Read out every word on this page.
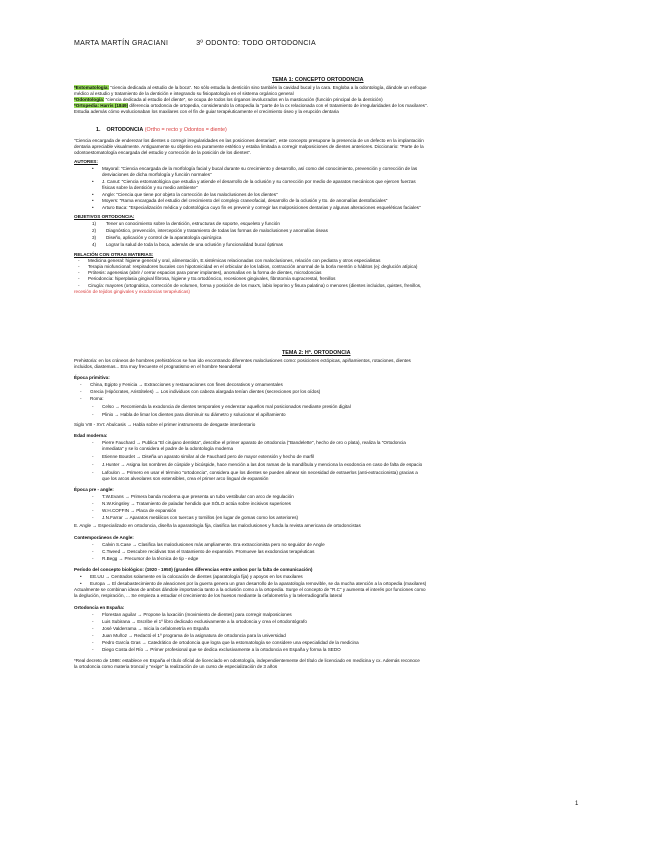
MARTA MARTÍN GRACIANI	3º ODONTO: TODO ORTODONCIA
TEMA 1: CONCEPTO ORTODONCIA
*Estomatología: "ciencia dedicada al estudio de la boca". No sólo estudia la dentición sino también la cavidad bucal y la cara. Engloba a la odontología, dándole un enfoque
médico al estudio y tratamiento de la dentición e integrando su fisiopatología en el sistema orgánico general
*Odontología: "ciencia dedicada al estudio del diente", se ocupa de todos los órganos involucrados en la masticación (función principal de la dentición)
*Ortopedia: Harris (1849) diferencia ortodoncia de ortopedia, considerando la ortopedia la "parte de la cx relacionada con el tratamiento de irregularidades de los maxilares".
Estudia además cómo evolucionaban los maxilares con el fin de guiar terapéuticamente el crecimiento óseo y la erupción dentaria
1. ORTODONCIA (Ortho = recto y Odontos = diente)
"Ciencia encargada de enderezar los dientes o corregir irregularidades en las posiciones dentarias", este concepto presupone la presencia de un defecto en la implantación
dentaria apreciable visualmente. Antiguamente su objetivo era puramente estético y estaba limitada a corregir malposiciones de dientes anteriores. Diccionario: "Parte de la
odontoestomatología encargada del estudio y corrección de la posición de los dientes".
AUTORES:
• Mayoral: "Ciencia encargada de la morfología facial y bucal durante su crecimiento y desarrollo, así como del conocimiento, prevención y corrección de las
desviaciones de dicha morfología y función normales"
• J. Canut: "Ciencia estomatológica que estudia y atiende el desarrollo de la oclusión y su corrección por medio de aparatos mecánicos que ejercen fuerzas
físicas sobre la dentición y su medio ambiente"
• Angle: "Ciencia que tiene por objeto la corrección de las maloclusiones de los dientes"
• Moyers: "Rama encargada del estudio del crecimiento del complejo craneofacial, desarrollo de la oclusión y tto. de anomalías dentofaciales"
• Arturo Baca: "Especialización médica y odontológica cuyo fin es prevenir y corregir las malposiciones dentarias y algunas alteraciones esqueléticas faciales"
OBJETIVOS ORTODONCIA:
1) Tener un conocimiento sobre la dentición, estructuras de soporte, esqueleto y función
2) Diagnóstico, prevención, intercepción y tratamiento de todas las formas de maloclusiones y anomalías óseas
3) Diseño, aplicación y control de la aparatología quirúrgica
4) Lograr la salud de toda la boca, además de una oclusión y funcionalidad bucal óptimas
RELACIÓN CON OTRAS MATERIAS:
- Medicina general: higiene general y oral, alimentación, E.sistémicas relacionadas con maloclusiones, relación con pediatra y otros especialistas
- Terapia miofuncional: respiradores bucales con hipotonicidad en el orbicular de los labios, contracción anormal de la borla mentón o hábitos (ej: deglución atípica)
- Prótesis: agenesias (abrir / cerrar espacios para poner implantes), anomalías en la forma de dientes, microdoncias
- Periodoncia: hiperplasia gingival fibrosa, higiene y tto.ortodóncico, recesiones gingivales, fibrotomía supracrestal, frenillos
- Cirugía: mayores (ortognática, corrección de volumen, forma y posición de los max's, labio leporino y fisura palatina) o menores (dientes incluidos, quistes, frenillos,
recesión de tejidos gingivales y exodoncias terapéuticas)
TEMA 2: Hª. ORTODONCIA
Prehistoria: en los cráneos de hombres prehistóricos se han ido encontrando diferentes maloclusiones como: posiciones ectópicas, apiñamientos, rotaciones, dientes
incluidos, diastemas... Era muy frecuente el prognatismo en el hombre Neandertal
Época primitiva:
- China, Egipto y Fenicia → Extracciones y restauraciones con fines decorativos y ornamentales
- Grecia (Hipócrates, Aristóteles) → Los individuos con cabeza alargada tenían dientes (secreciones por los oídos)
- Roma:
- Celso → Recomienda la exodoncia de dientes temporales y enderezar aquellos mal posicionados mediante presión digital
- Plinio → Habla de limar los dientes para disminuir su diámetro y solucionar el apiñamiento
Siglo VIII - XVI: Abulcasis → Habla sobre el primer instrumento de desgaste interdentario
Edad moderna:
- Pierre Fauchard → Publica "El cirujano dentista", describe el primer aparato de ortodoncia ("Bandelette", hecho de oro o plata), realiza la "Ortodoncia
inmediata" y se lo considera el padre de la odontología moderna
- Etienne Bourdet → Diseña un aparato similar al de Fauchard pero de mayor extensión y hecho de marfil
- J.Hunter → Asigna los nombres de cúspide y bicúspide, hace mención a las dos ramas de la mandíbula y menciona la exodoncia en caso de falta de espacio
- Lafoulon → Primero en usar el término "ortodoncia", considera que los dientes se pueden alinear sin necesidad de extraerlos (anti-extraccionista) gracias a
que los arcos alveolares son extensibles, crea el primer arco lingual de expansión
Época pre - angle:
- T.W.Evans → Primera banda moderna que presenta un tubo vestibular con arco de regulación
- N.W.Kingsley → Tratamiento de paladar hendido que SÓLO actúa sobre incisivos superiores
- W.H.COFFIN → Placa de expansión
- J.N.Farrar → Aparatos metálicos con tuercas y tornillos (en lugar de gomas como los anteriores)
E. Angle → Especializado en ortodoncia, diseña la aparatología fija, clasifica las maloclusiones y funda la revista americana de ortodoncistas
Contemporáneos de Angle:
- Calvin S.Case → Clasifica las maloclusiones más ampliamente. Era extraccionista pero no seguidor de Angle
- C.Tweed → Descubre recidivas tras el tratamiento de expansión. Promueve las exodoncias terapéuticas
- R.Begg → Precursor de la técnica de tip - edge
Período del concepto biológico: (1920 - 1950) (grandes diferencias entre ambos por la falta de comunicación)
• EE.UU → Centrados solamente en la colocación de dientes (aparatología fija) y apoyos en los maxilares
• Europa → El desabastecimiento de aleaciones por la guerra genera un gran desarrollo de la aparatología removible, se da mucha atención a la ortopedia (maxilares)
Actualmente se combinan ideas de ambos dándole importancia tanto a la oclusión como a la ortopedia. Surge el concepto de "R.C" y aumenta el interés por funciones como
la deglución, respiración, ... Se empieza a estudiar el crecimiento de los huesos mediante la cefalometría y la telerradiografía lateral
Ortodoncia en España:
- Florestan aguilar → Propone la luxación (movimiento de dientes) para corregir malposiciones
- Luis Subirana → Escribe el 1º libro dedicado exclusivamente a la ortodoncia y crea el ortodontógrafo
- José Valderrama → Inicia la cefalometría en España
- Juan Muñoz → Redactó el 1º programa de la asignatura de ortodoncia para la universidad
- Pedro García Gras → Catedrático de ortodoncia que logra que la estomatología se considere una especialidad de la medicina
- Diego Costa del Río → Primer profesional que se dedica exclusivamente a la ortodoncia en España y forma la SEDO
*Real decreto de 1986: establece en España el título oficial de licenciado en odontología, independientemente del título de licenciado en medicina y cx. Además reconoce
la ortodoncia como materia troncal y "exige" la realización de un curso de especialización de 3 años
1
